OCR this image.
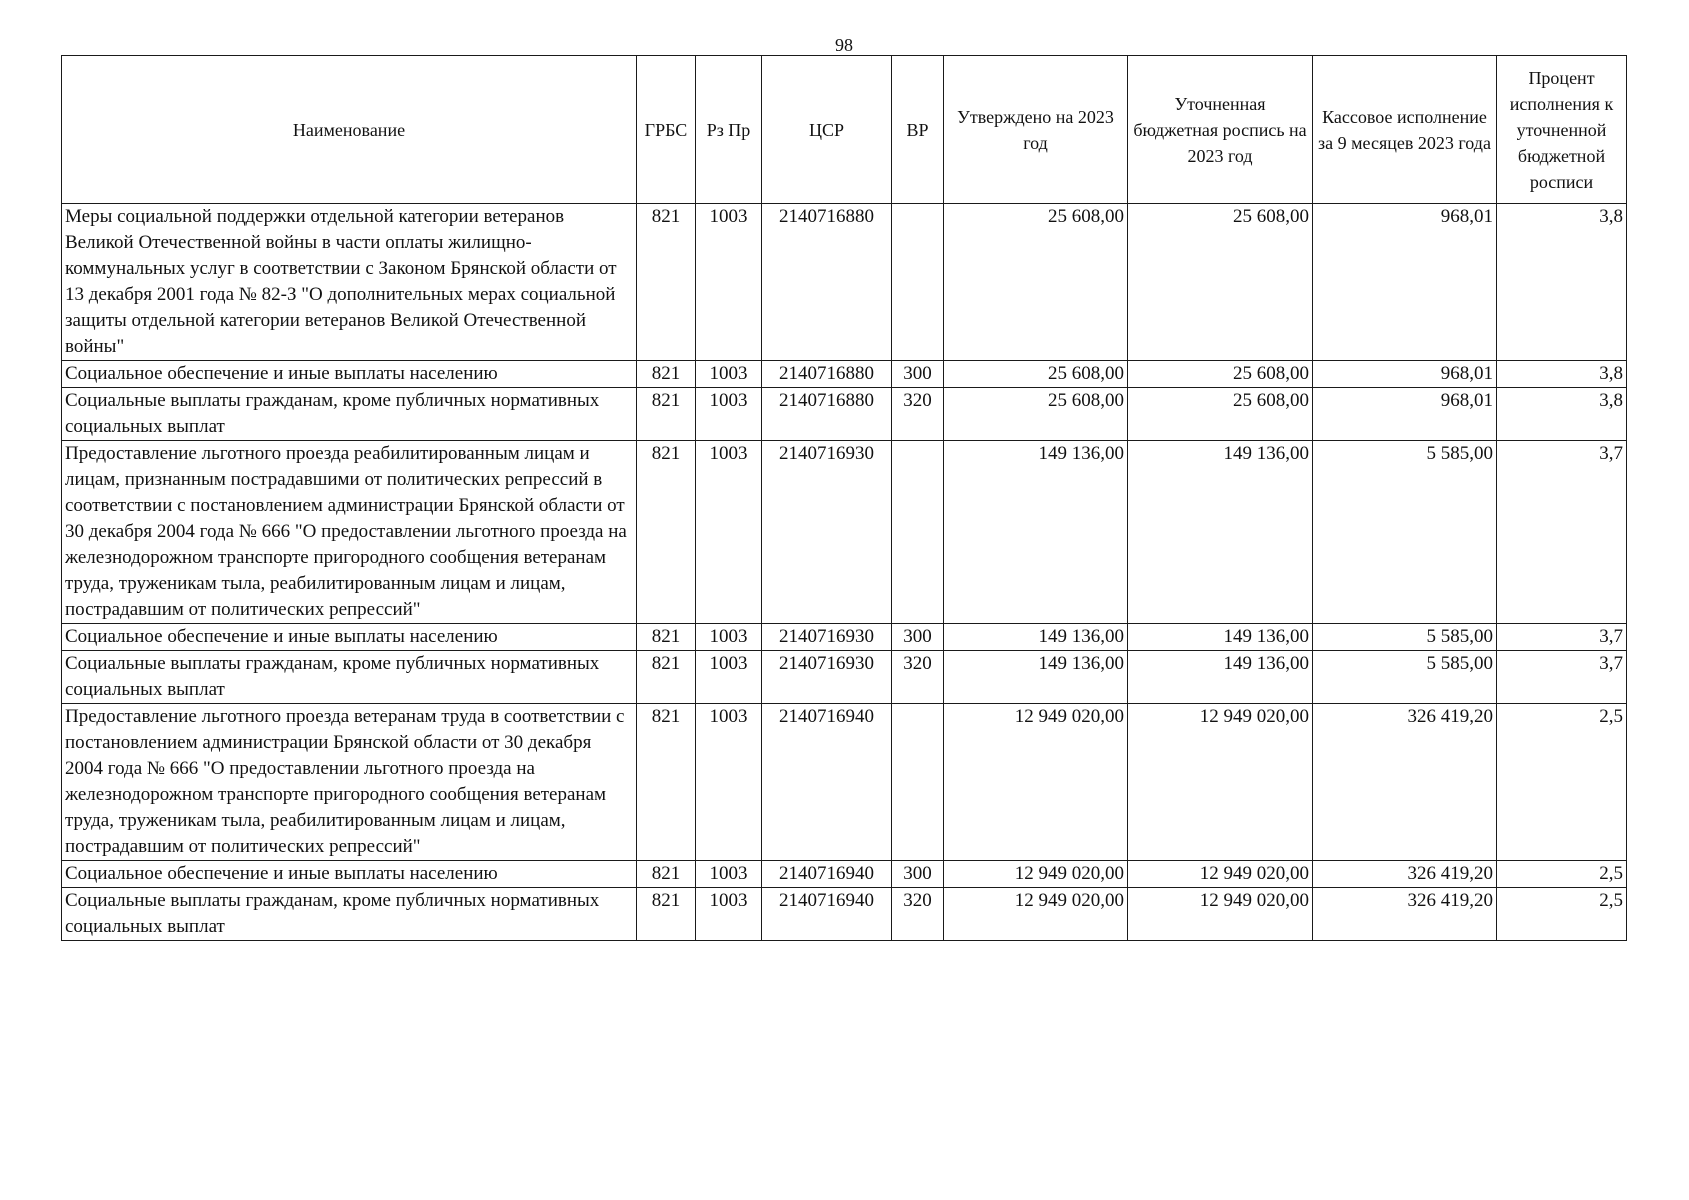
98
Наименование	ГРБС	Рз Пр	ЦСР	ВР	Утверждено на 2023 год	Уточненная бюджетная роспись на 2023 год	Кассовое исполнение за 9 месяцев 2023 года	Процент исполнения к уточненной бюджетной росписи
Меры социальной поддержки отдельной категории ветеранов Великой Отечественной войны в части оплаты жилищно-коммунальных услуг в соответствии с Законом Брянской области от 13 декабря 2001 года № 82-З "О дополнительных мерах социальной защиты отдельной категории ветеранов Великой Отечественной войны"	821	1003	2140716880		25 608,00	25 608,00	968,01	3,8
Социальное обеспечение и иные выплаты населению	821	1003	2140716880	300	25 608,00	25 608,00	968,01	3,8
Социальные выплаты гражданам, кроме публичных нормативных социальных выплат	821	1003	2140716880	320	25 608,00	25 608,00	968,01	3,8
Предоставление льготного проезда реабилитированным лицам и лицам, признанным пострадавшими от политических репрессий в соответствии с постановлением администрации Брянской области от 30 декабря 2004 года № 666 "О предоставлении льготного проезда на железнодорожном транспорте пригородного сообщения ветеранам труда, труженикам тыла, реабилитированным лицам и лицам, пострадавшим от политических репрессий"	821	1003	2140716930		149 136,00	149 136,00	5 585,00	3,7
Социальное обеспечение и иные выплаты населению	821	1003	2140716930	300	149 136,00	149 136,00	5 585,00	3,7
Социальные выплаты гражданам, кроме публичных нормативных социальных выплат	821	1003	2140716930	320	149 136,00	149 136,00	5 585,00	3,7
Предоставление льготного проезда ветеранам труда в соответствии с постановлением администрации Брянской области от 30 декабря 2004 года № 666 "О предоставлении льготного проезда на железнодорожном транспорте пригородного сообщения ветеранам труда, труженикам тыла, реабилитированным лицам и лицам, пострадавшим от политических репрессий"	821	1003	2140716940		12 949 020,00	12 949 020,00	326 419,20	2,5
Социальное обеспечение и иные выплаты населению	821	1003	2140716940	300	12 949 020,00	12 949 020,00	326 419,20	2,5
Социальные выплаты гражданам, кроме публичных нормативных социальных выплат	821	1003	2140716940	320	12 949 020,00	12 949 020,00	326 419,20	2,5
